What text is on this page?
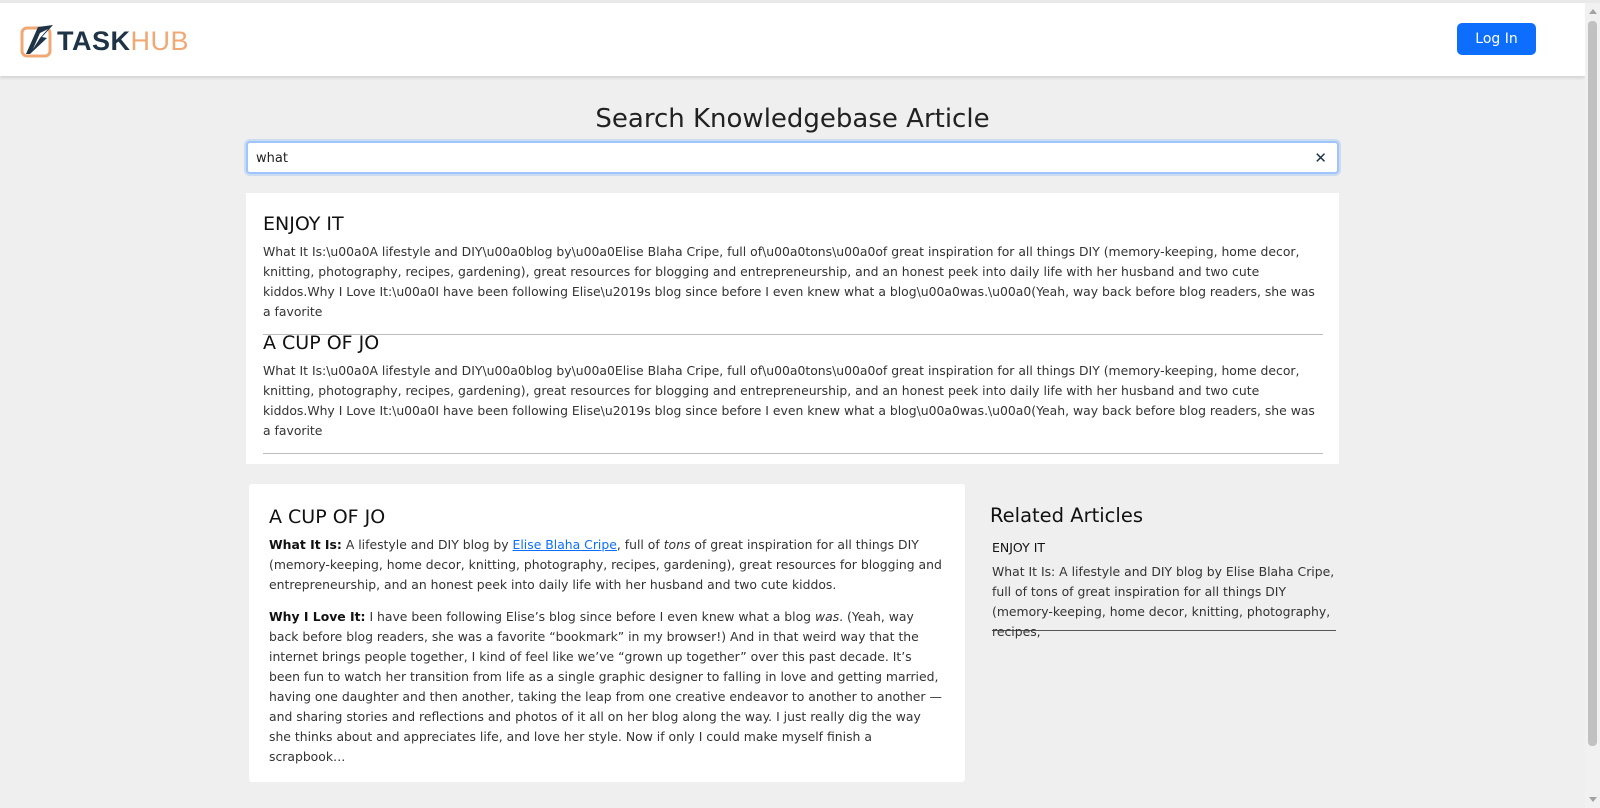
TASK HUB	Log In
Search Knowledgebase Article
what
✕
ENJOY IT
What It Is:\u00a0A lifestyle and DIY\u00a0blog by\u00a0Elise Blaha Cripe, full of\u00a0tons\u00a0of great inspiration for all things DIY (memory-keeping, home decor, knitting, photography, recipes, gardening), great resources for blogging and entrepreneurship, and an honest peek into daily life with her husband and two cute kiddos.Why I Love It:\u00a0I have been following Elise\u2019s blog since before I even knew what a blog\u00a0was.\u00a0(Yeah, way back before blog readers, she was a favorite
A CUP OF JO
What It Is:\u00a0A lifestyle and DIY\u00a0blog by\u00a0Elise Blaha Cripe, full of\u00a0tons\u00a0of great inspiration for all things DIY (memory-keeping, home decor, knitting, photography, recipes, gardening), great resources for blogging and entrepreneurship, and an honest peek into daily life with her husband and two cute kiddos.Why I Love It:\u00a0I have been following Elise\u2019s blog since before I even knew what a blog\u00a0was.\u00a0(Yeah, way back before blog readers, she was a favorite
A CUP OF JO

What It Is: A lifestyle and DIY blog by Elise Blaha Cripe, full of tons of great inspiration for all things DIY (memory-keeping, home decor, knitting, photography, recipes, gardening), great resources for blogging and entrepreneurship, and an honest peek into daily life with her husband and two cute kiddos.

Why I Love It: I have been following Elise’s blog since before I even knew what a blog was. (Yeah, way back before blog readers, she was a favorite “bookmark” in my browser!) And in that weird way that the internet brings people together, I kind of feel like we’ve “grown up together” over this past decade. It’s been fun to watch her transition from life as a single graphic designer to falling in love and getting married, having one daughter and then another, taking the leap from one creative endeavor to another to another — and sharing stories and reflections and photos of it all on her blog along the way. I just really dig the way she thinks about and appreciates life, and love her style. Now if only I could make myself finish a scrapbook…

Related Articles
ENJOY IT
What It Is: A lifestyle and DIY blog by Elise Blaha Cripe, full of tons of great inspiration for all things DIY (memory-keeping, home decor, knitting, photography, recipes,
